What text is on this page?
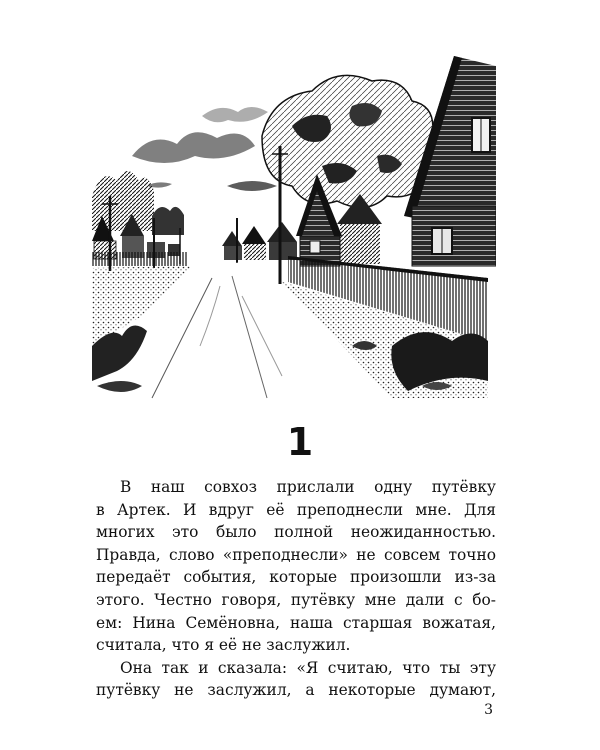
1
В наш совхоз прислали одну путёвку
в Артек. И вдруг её преподнесли мне. Для
многих это было полной неожиданностью.
Правда, слово «преподнесли» не совсем точно
передаёт события, которые произошли из-за
этого. Честно говоря, путёвку мне дали с бо-
ем: Нина Семёновна, наша старшая вожатая,
считала, что я её не заслужил.
Она так и сказала: «Я считаю, что ты эту
путёвку не заслужил, а некоторые думают,
3
